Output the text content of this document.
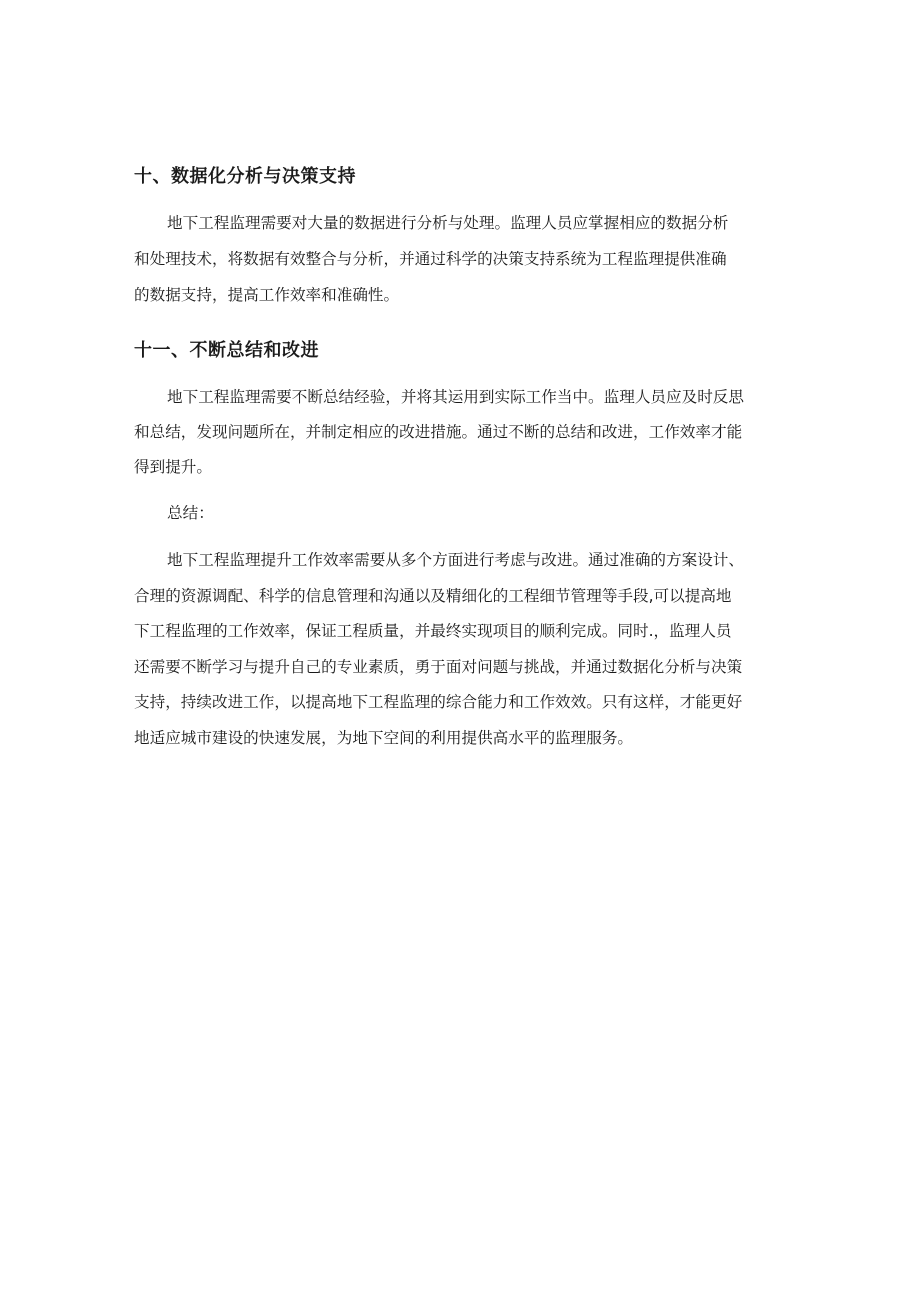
十、数据化分析与决策支持

地下工程监理需要对大量的数据进行分析与处理。监理人员应掌握相应的数据分析

和处理技术，将数据有效整合与分析，并通过科学的决策支持系统为工程监理提供准确

的数据支持，提高工作效率和准确性。

十一、不断总结和改进

地下工程监理需要不断总结经验，并将其运用到实际工作当中。监理人员应及时反思

和总结，发现问题所在，并制定相应的改进措施。通过不断的总结和改进，工作效率才能

得到提升。

总结：

地下工程监理提升工作效率需要从多个方面进行考虑与改进。通过准确的方案设计、

合理的资源调配、科学的信息管理和沟通以及精细化的工程细节管理等手段,可以提高地

下工程监理的工作效率，保证工程质量，并最终实现项目的顺利完成。同时.，监理人员

还需要不断学习与提升自己的专业素质，勇于面对问题与挑战，并通过数据化分析与决策

支持，持续改进工作，以提高地下工程监理的综合能力和工作效效。只有这样，才能更好

地适应城市建设的快速发展，为地下空间的利用提供高水平的监理服务。
